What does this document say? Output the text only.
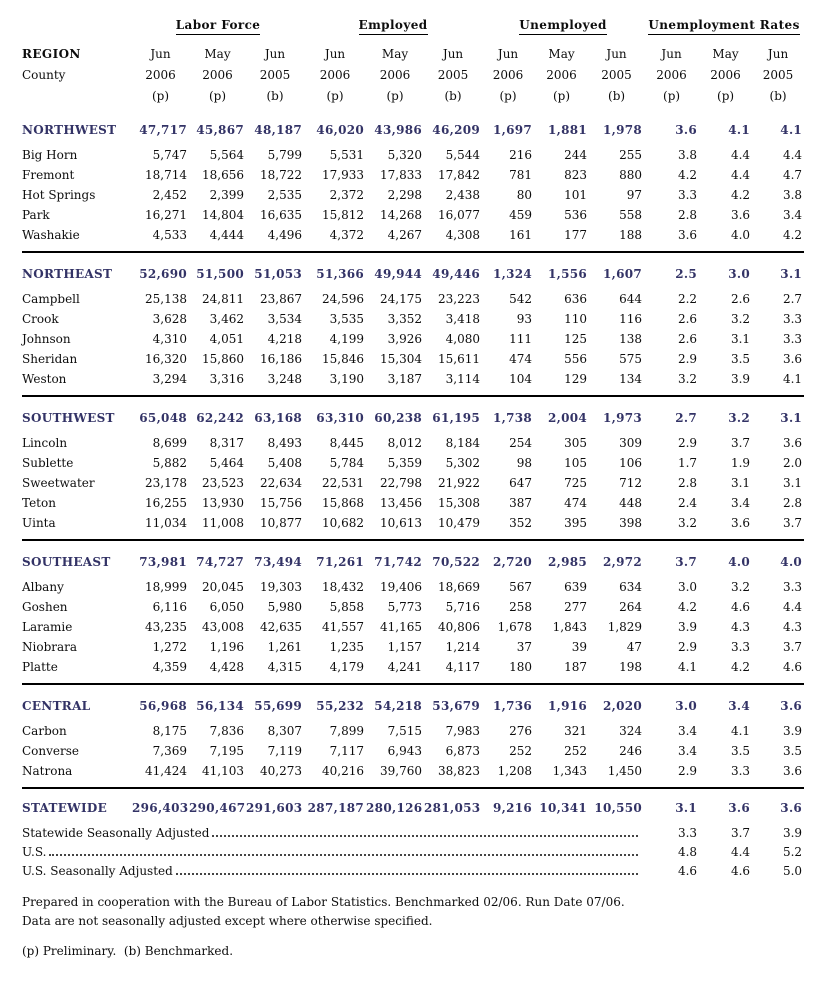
	Labor Force			Employed			Unemployed			Unemployment Rates		
REGION	Jun	May	Jun	Jun	May	Jun	Jun	May	Jun	Jun	May	Jun
County	2006	2006	2005	2006	2006	2005	2006	2006	2005	2006	2006	2005
	(p)	(p)	(b)	(p)	(p)	(b)	(p)	(p)	(b)	(p)	(p)	(b)
NORTHWEST	47,717	45,867	48,187	46,020	43,986	46,209	1,697	1,881	1,978	3.6	4.1	4.1
Big Horn	5,747	5,564	5,799	5,531	5,320	5,544	216	244	255	3.8	4.4	4.4
Fremont	18,714	18,656	18,722	17,933	17,833	17,842	781	823	880	4.2	4.4	4.7
Hot Springs	2,452	2,399	2,535	2,372	2,298	2,438	80	101	97	3.3	4.2	3.8
Park	16,271	14,804	16,635	15,812	14,268	16,077	459	536	558	2.8	3.6	3.4
Washakie	4,533	4,444	4,496	4,372	4,267	4,308	161	177	188	3.6	4.0	4.2
NORTHEAST	52,690	51,500	51,053	51,366	49,944	49,446	1,324	1,556	1,607	2.5	3.0	3.1
Campbell	25,138	24,811	23,867	24,596	24,175	23,223	542	636	644	2.2	2.6	2.7
Crook	3,628	3,462	3,534	3,535	3,352	3,418	93	110	116	2.6	3.2	3.3
Johnson	4,310	4,051	4,218	4,199	3,926	4,080	111	125	138	2.6	3.1	3.3
Sheridan	16,320	15,860	16,186	15,846	15,304	15,611	474	556	575	2.9	3.5	3.6
Weston	3,294	3,316	3,248	3,190	3,187	3,114	104	129	134	3.2	3.9	4.1
SOUTHWEST	65,048	62,242	63,168	63,310	60,238	61,195	1,738	2,004	1,973	2.7	3.2	3.1
Lincoln	8,699	8,317	8,493	8,445	8,012	8,184	254	305	309	2.9	3.7	3.6
Sublette	5,882	5,464	5,408	5,784	5,359	5,302	98	105	106	1.7	1.9	2.0
Sweetwater	23,178	23,523	22,634	22,531	22,798	21,922	647	725	712	2.8	3.1	3.1
Teton	16,255	13,930	15,756	15,868	13,456	15,308	387	474	448	2.4	3.4	2.8
Uinta	11,034	11,008	10,877	10,682	10,613	10,479	352	395	398	3.2	3.6	3.7
SOUTHEAST	73,981	74,727	73,494	71,261	71,742	70,522	2,720	2,985	2,972	3.7	4.0	4.0
Albany	18,999	20,045	19,303	18,432	19,406	18,669	567	639	634	3.0	3.2	3.3
Goshen	6,116	6,050	5,980	5,858	5,773	5,716	258	277	264	4.2	4.6	4.4
Laramie	43,235	43,008	42,635	41,557	41,165	40,806	1,678	1,843	1,829	3.9	4.3	4.3
Niobrara	1,272	1,196	1,261	1,235	1,157	1,214	37	39	47	2.9	3.3	3.7
Platte	4,359	4,428	4,315	4,179	4,241	4,117	180	187	198	4.1	4.2	4.6
CENTRAL	56,968	56,134	55,699	55,232	54,218	53,679	1,736	1,916	2,020	3.0	3.4	3.6
Carbon	8,175	7,836	8,307	7,899	7,515	7,983	276	321	324	3.4	4.1	3.9
Converse	7,369	7,195	7,119	7,117	6,943	6,873	252	252	246	3.4	3.5	3.5
Natrona	41,424	41,103	40,273	40,216	39,760	38,823	1,208	1,343	1,450	2.9	3.3	3.6
STATEWIDE	296,403	290,467	291,603	287,187	280,126	281,053	9,216	10,341	10,550	3.1	3.6	3.6

Statewide Seasonally Adjusted										3.3	3.7	3.9

U.S.										4.8	4.4	5.2

U.S. Seasonally Adjusted										4.6	4.6	5.0

Prepared in cooperation with the Bureau of Labor Statistics. Benchmarked 02/06. Run Date 07/06.

Data are not seasonally adjusted except where otherwise specified.

(p) Preliminary.  (b) Benchmarked.
